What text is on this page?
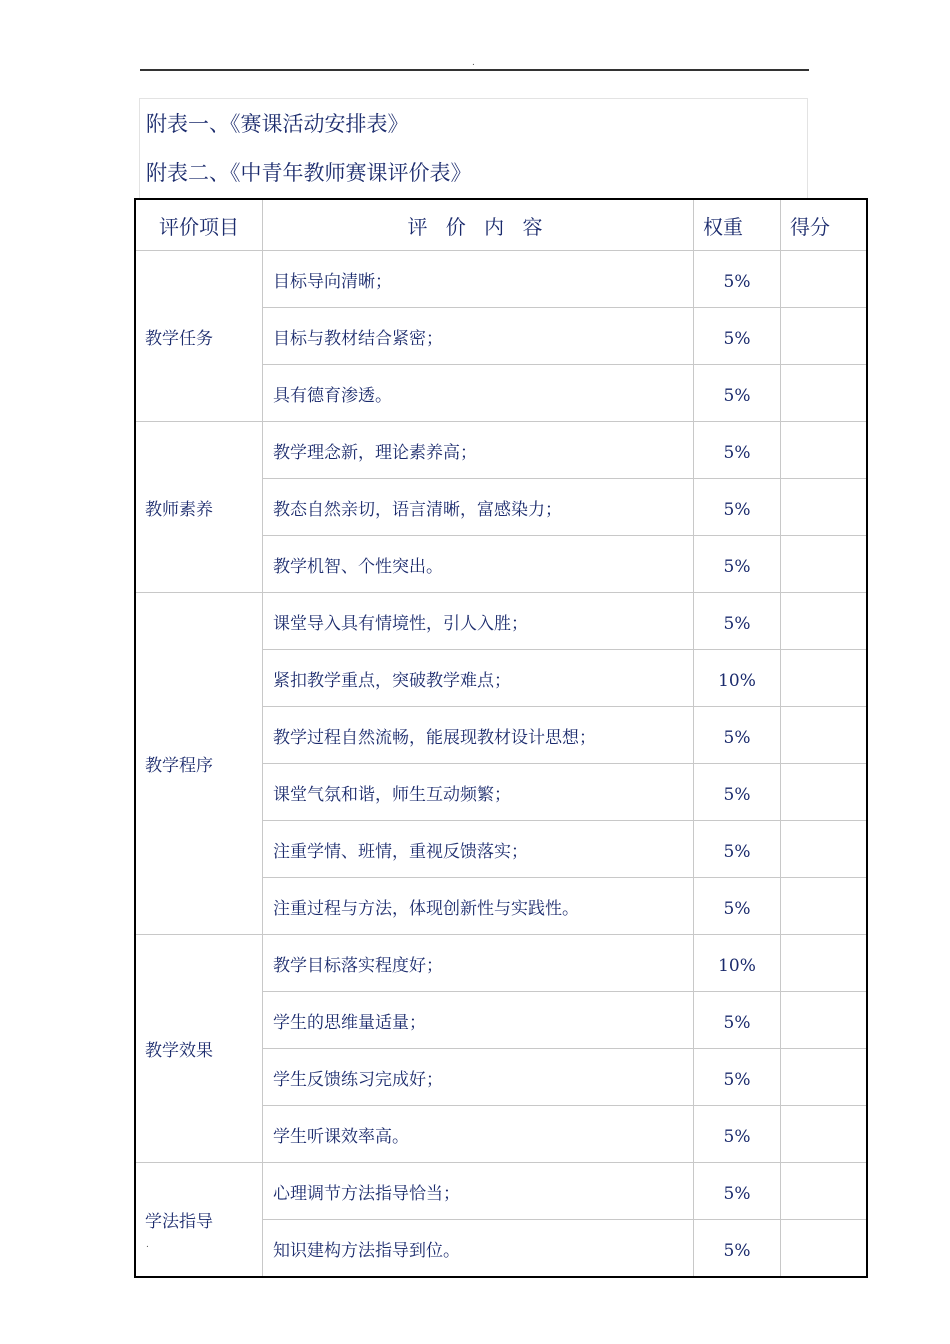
.
附表一、《赛课活动安排表》
附表二、《中青年教师赛课评价表》
评价项目	评 价 内 容	权重	得分
教学任务	目标导向清晰；	5%	
	目标与教材结合紧密；	5%	
	具有德育渗透。	5%	
教师素养	教学理念新，理论素养高；	5%	
	教态自然亲切，语言清晰，富感染力；	5%	
	教学机智、个性突出。	5%	
教学程序	课堂导入具有情境性，引人入胜；	5%	
	紧扣教学重点，突破教学难点；	10%	
	教学过程自然流畅，能展现教材设计思想；	5%	
	课堂气氛和谐，师生互动频繁；	5%	
	注重学情、班情，重视反馈落实；	5%	
	注重过程与方法，体现创新性与实践性。	5%	
教学效果	教学目标落实程度好；	10%	
	学生的思维量适量；	5%	
	学生反馈练习完成好；	5%	
	学生听课效率高。	5%	
学法指导	心理调节方法指导恰当；	5%	
	知识建构方法指导到位。	5%	
.
